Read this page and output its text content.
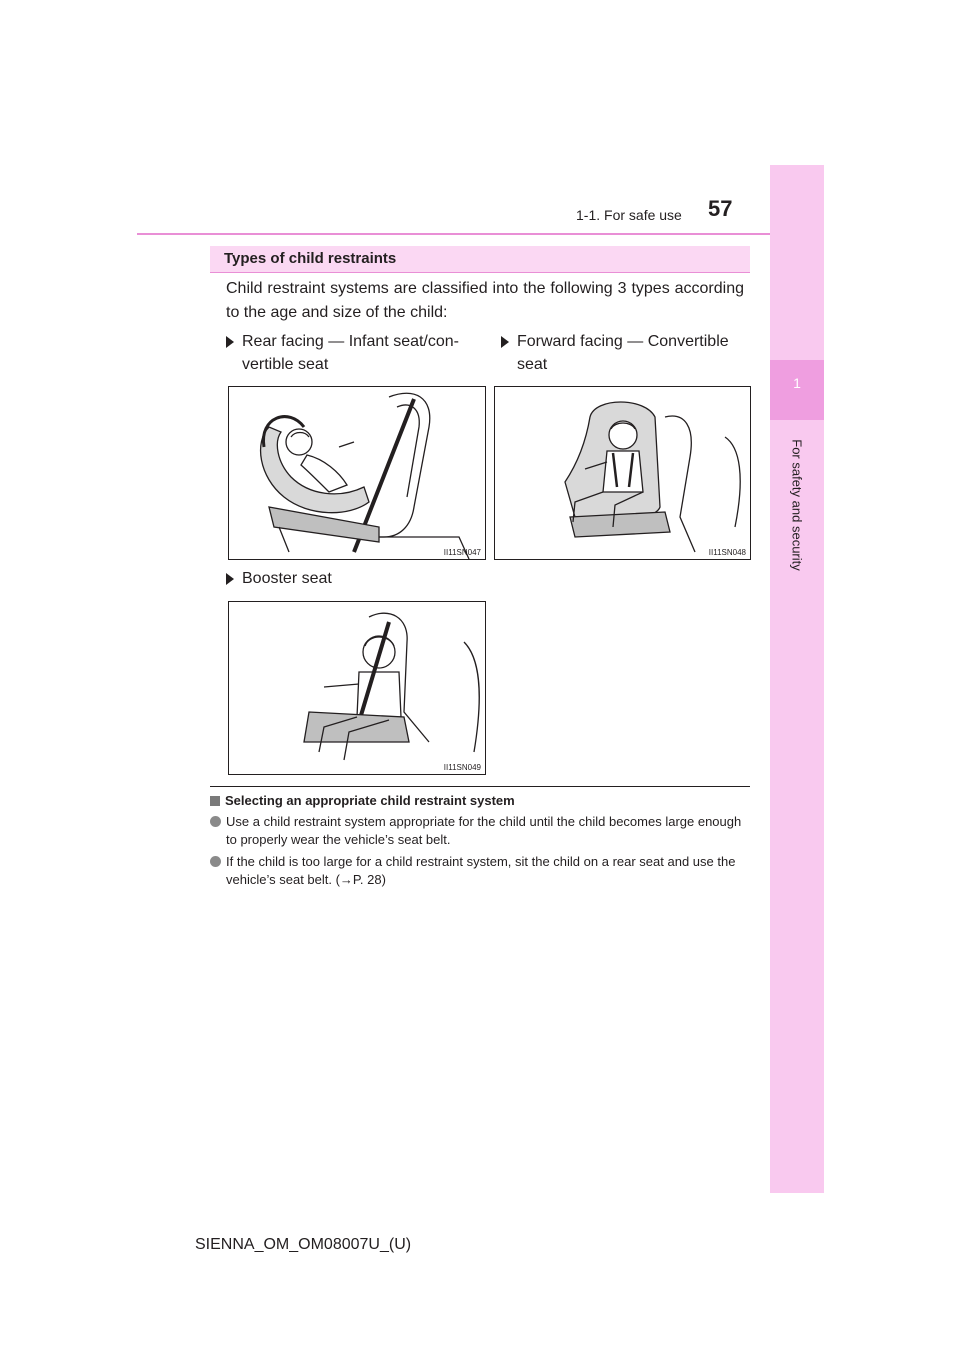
1-1. For safe use 57
1
For safety and security
Types of child restraints
Child restraint systems are classified into the following 3 types according to the age and size of the child:
Rear facing — Infant seat/con-
vertible seat
Forward facing — Convertible
seat
Booster seat
II11SN047	II11SN048
II11SN049
Selecting an appropriate child restraint system
Use a child restraint system appropriate for the child until the child becomes large enough to properly wear the vehicle’s seat belt.
If the child is too large for a child restraint system, sit the child on a rear seat and use the vehicle’s seat belt. (→P. 28)
SIENNA_OM_OM08007U_(U)
